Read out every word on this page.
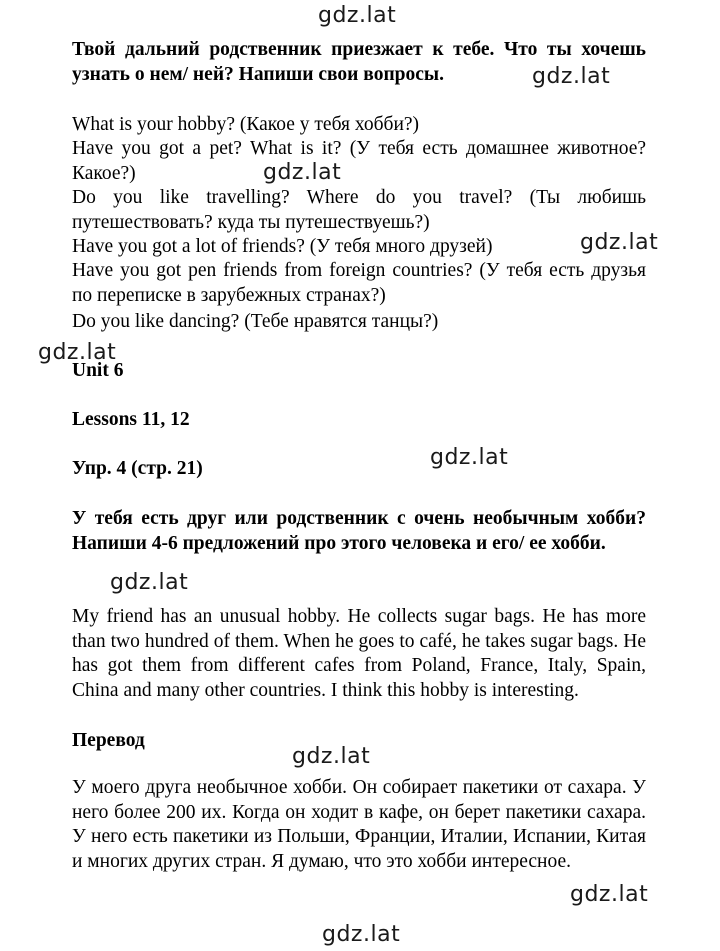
gdz.lat
gdz.lat
gdz.lat
gdz.lat
gdz.lat
gdz.lat
gdz.lat
gdz.lat
gdz.lat
gdz.lat
Твой дальний родственник приезжает к тебе. Что ты хочешь узнать о нем/ ней? Напиши свои вопросы.
What is your hobby? (Какое у тебя хобби?)
Have you got a pet? What is it? (У тебя есть домашнее животное? Какое?)
Do you like travelling? Where do you travel? (Ты любишь путешествовать? куда ты путешествуешь?)
Have you got a lot of friends? (У тебя много друзей)
Have you got pen friends from foreign countries? (У тебя есть друзья по переписке в зарубежных странах?)
Do you like dancing? (Тебе нравятся танцы?)
Unit 6
Lessons 11, 12
Упр. 4 (стр. 21)
У тебя есть друг или родственник с очень необычным хобби? Напиши 4-6 предложений про этого человека и его/ ее хобби.
My friend has an unusual hobby. He collects sugar bags. He has more than two hundred of them. When he goes to café, he takes sugar bags. He has got them from different cafes from Poland, France, Italy, Spain, China and many other countries. I think this hobby is interesting.
Перевод
У моего друга необычное хобби. Он собирает пакетики от сахара. У него более 200 их. Когда он ходит в кафе, он берет пакетики сахара. У него есть пакетики из Польши, Франции, Италии, Испании, Китая и многих других стран. Я думаю, что это хобби интересное.
